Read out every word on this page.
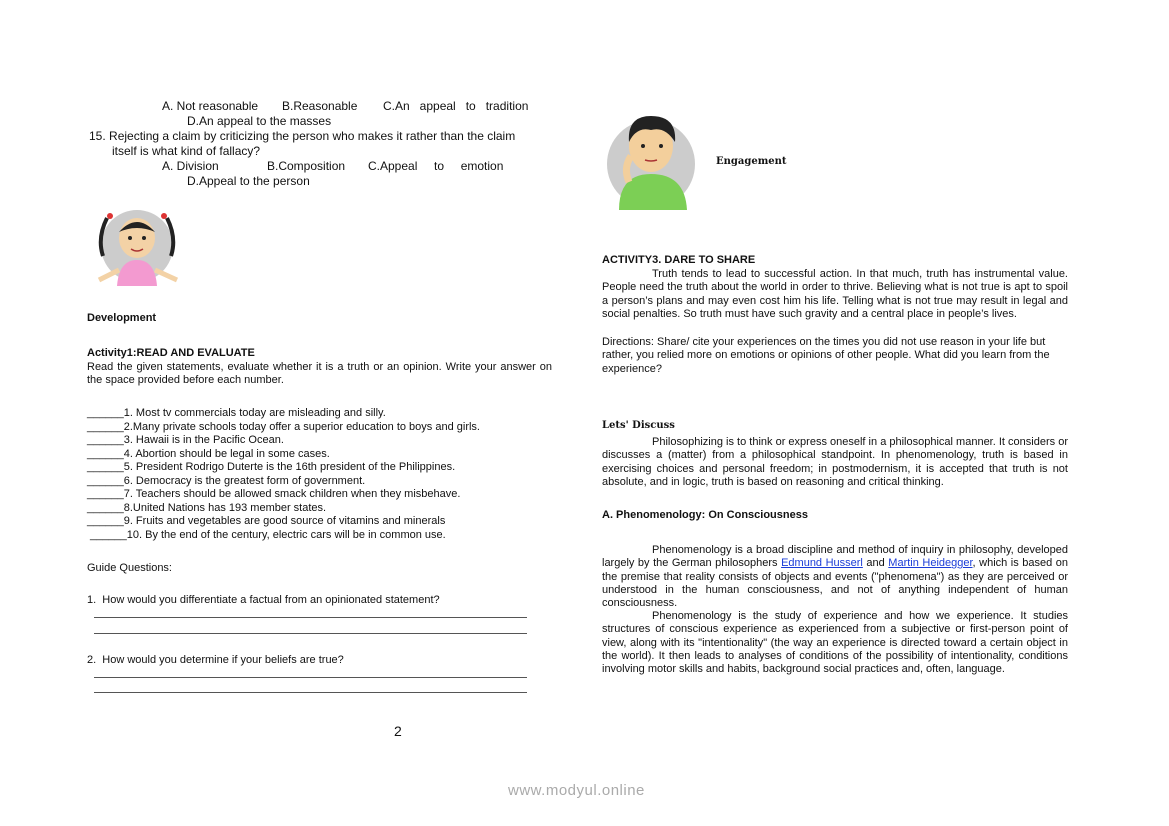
A. Not reasonable B.Reasonable C.An   appeal   to   tradition
D.An appeal to the masses
15. Rejecting a claim by criticizing the person who makes it rather than the claim
itself is what kind of fallacy?
A. Division	B.Composition C.Appeal     to     emotion
D.Appeal to the person
Development
Activity1:READ AND EVALUATE
Read the given statements, evaluate whether it is a truth or an opinion. Write your answer on the space provided before each number.
______1. Most tv commercials today are misleading and silly.
______2.Many private schools today offer a superior education to boys and girls.
______3. Hawaii is in the Pacific Ocean.
______4. Abortion should be legal in some cases.
______5. President Rodrigo Duterte is the 16th president of the Philippines.
______6. Democracy is the greatest form of government.
______7. Teachers should be allowed smack children when they misbehave.
______8.United Nations has 193 member states.
______9. Fruits and vegetables are good source of vitamins and minerals
______10. By the end of the century, electric cars will be in common use.
Guide Questions:
1.  How would you differentiate a factual from an opinionated statement?
2.  How would you determine if your beliefs are true?
2
Engagement
ACTIVITY3. DARE TO SHARE
Truth tends to lead to successful action. In that much, truth has instrumental value. People need the truth about the world in order to thrive. Believing what is not true is apt to spoil a person’s plans and may even cost him his life. Telling what is not true may result in legal and social penalties. So truth must have such gravity and a central place in people’s lives.
Directions: Share/ cite your experiences on the times you did not use reason in your life but rather, you relied more on emotions or opinions of other people. What did you learn from the experience?
Lets' Discuss
Philosophizing is to think or express oneself in a philosophical manner. It considers or discusses a (matter) from a philosophical standpoint. In phenomenology, truth is based in exercising choices and personal freedom; in postmodernism, it is accepted that truth is not absolute, and in logic, truth is based on reasoning and critical thinking.
A. Phenomenology: On Consciousness
Phenomenology is a broad discipline and method of inquiry in philosophy, developed largely by the German philosophers Edmund Husserl and Martin Heidegger, which is based on the premise that reality consists of objects and events ("phenomena") as they are perceived or understood in the human consciousness, and not of anything independent of human consciousness.
Phenomenology is the study of experience and how we experience. It studies structures of conscious experience as experienced from a subjective or first-person point of view, along with its "intentionality" (the way an experience is directed toward a certain object in the world). It then leads to analyses of conditions of the possibility of intentionality, conditions involving motor skills and habits, background social practices and, often, language.
www.modyul.online
